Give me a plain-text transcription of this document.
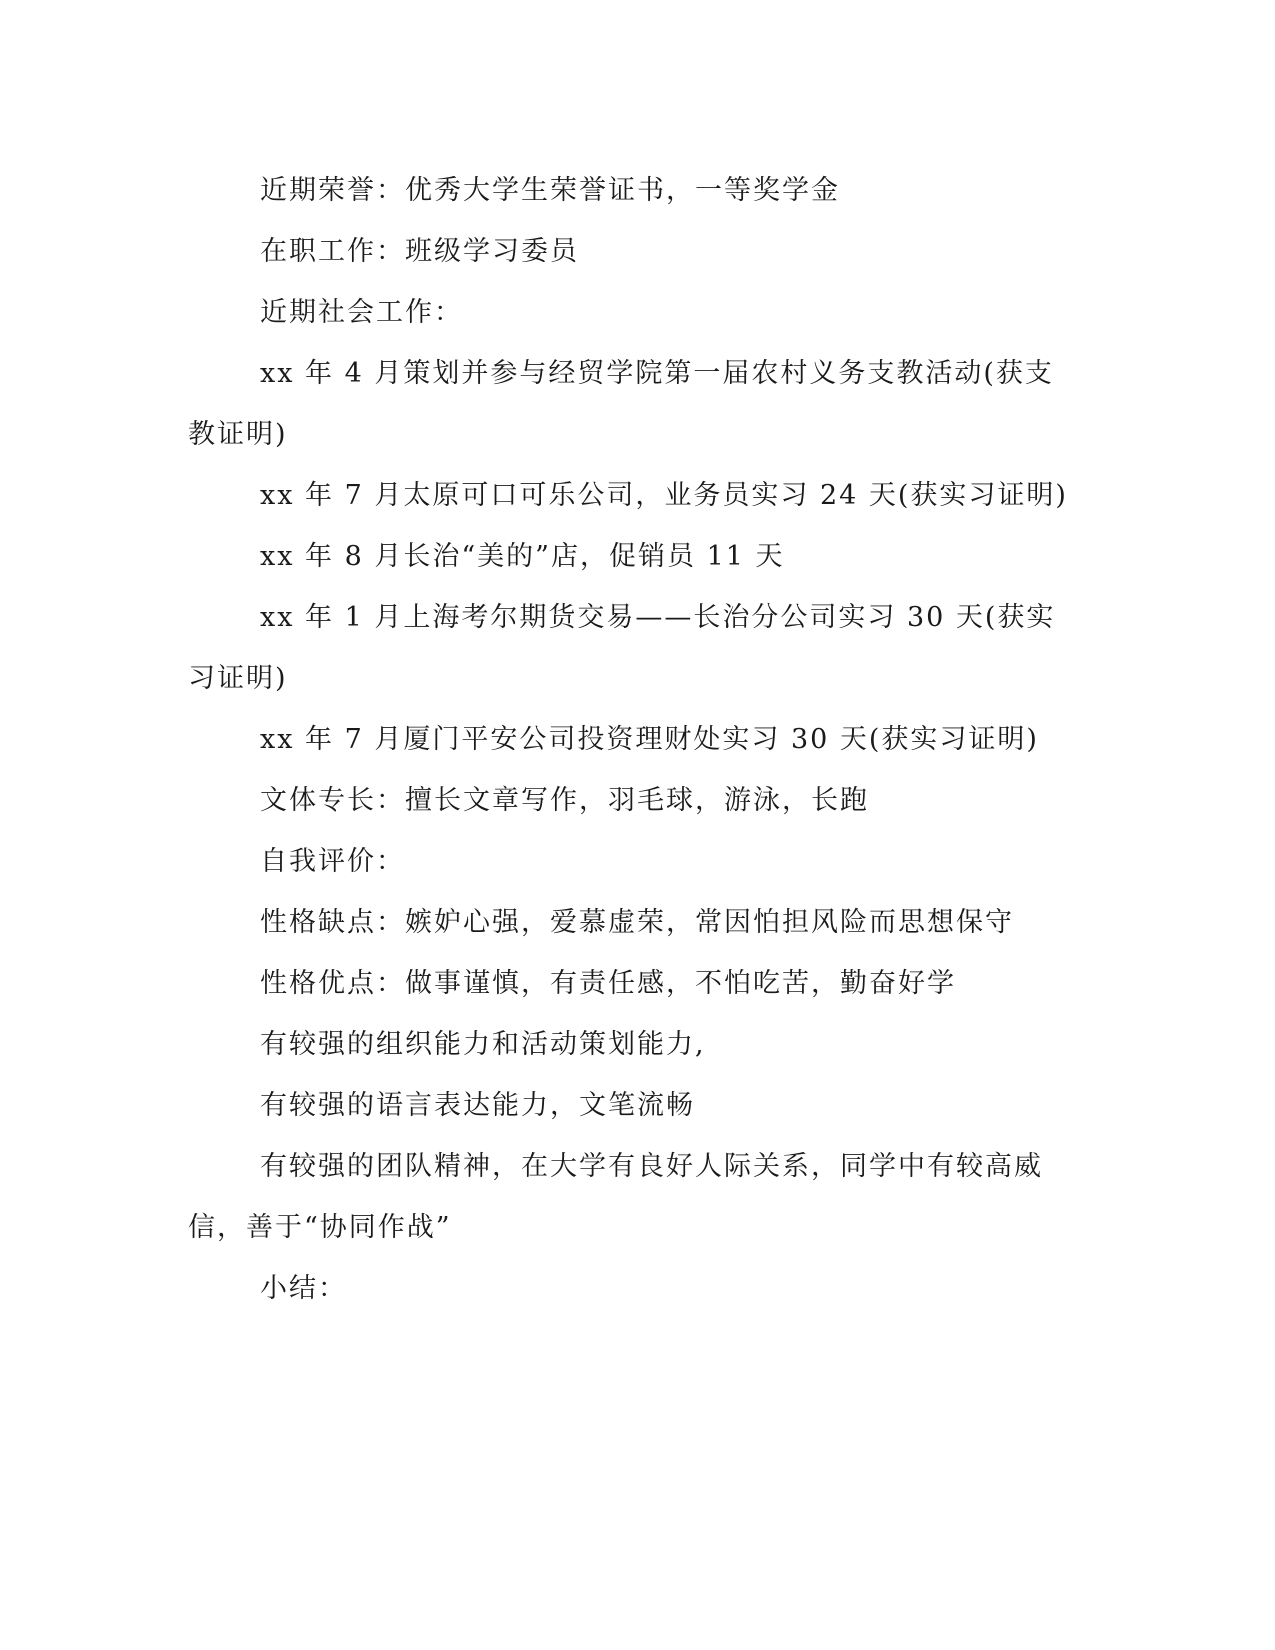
近期荣誉：优秀大学生荣誉证书，一等奖学金

在职工作：班级学习委员

近期社会工作：

xx 年 4 月策划并参与经贸学院第一届农村义务支教活动(获支教证明)

xx 年 7 月太原可口可乐公司，业务员实习 24 天(获实习证明)

xx 年 8 月长治“美的”店，促销员 11 天

xx 年 1 月上海考尔期货交易——长治分公司实习 30 天(获实习证明)

xx 年 7 月厦门平安公司投资理财处实习 30 天(获实习证明)

文体专长：擅长文章写作，羽毛球，游泳，长跑

自我评价：

性格缺点：嫉妒心强，爱慕虚荣，常因怕担风险而思想保守

性格优点：做事谨慎，有责任感，不怕吃苦，勤奋好学

有较强的组织能力和活动策划能力,

有较强的语言表达能力，文笔流畅

有较强的团队精神，在大学有良好人际关系，同学中有较高威信，善于“协同作战”

小结：
